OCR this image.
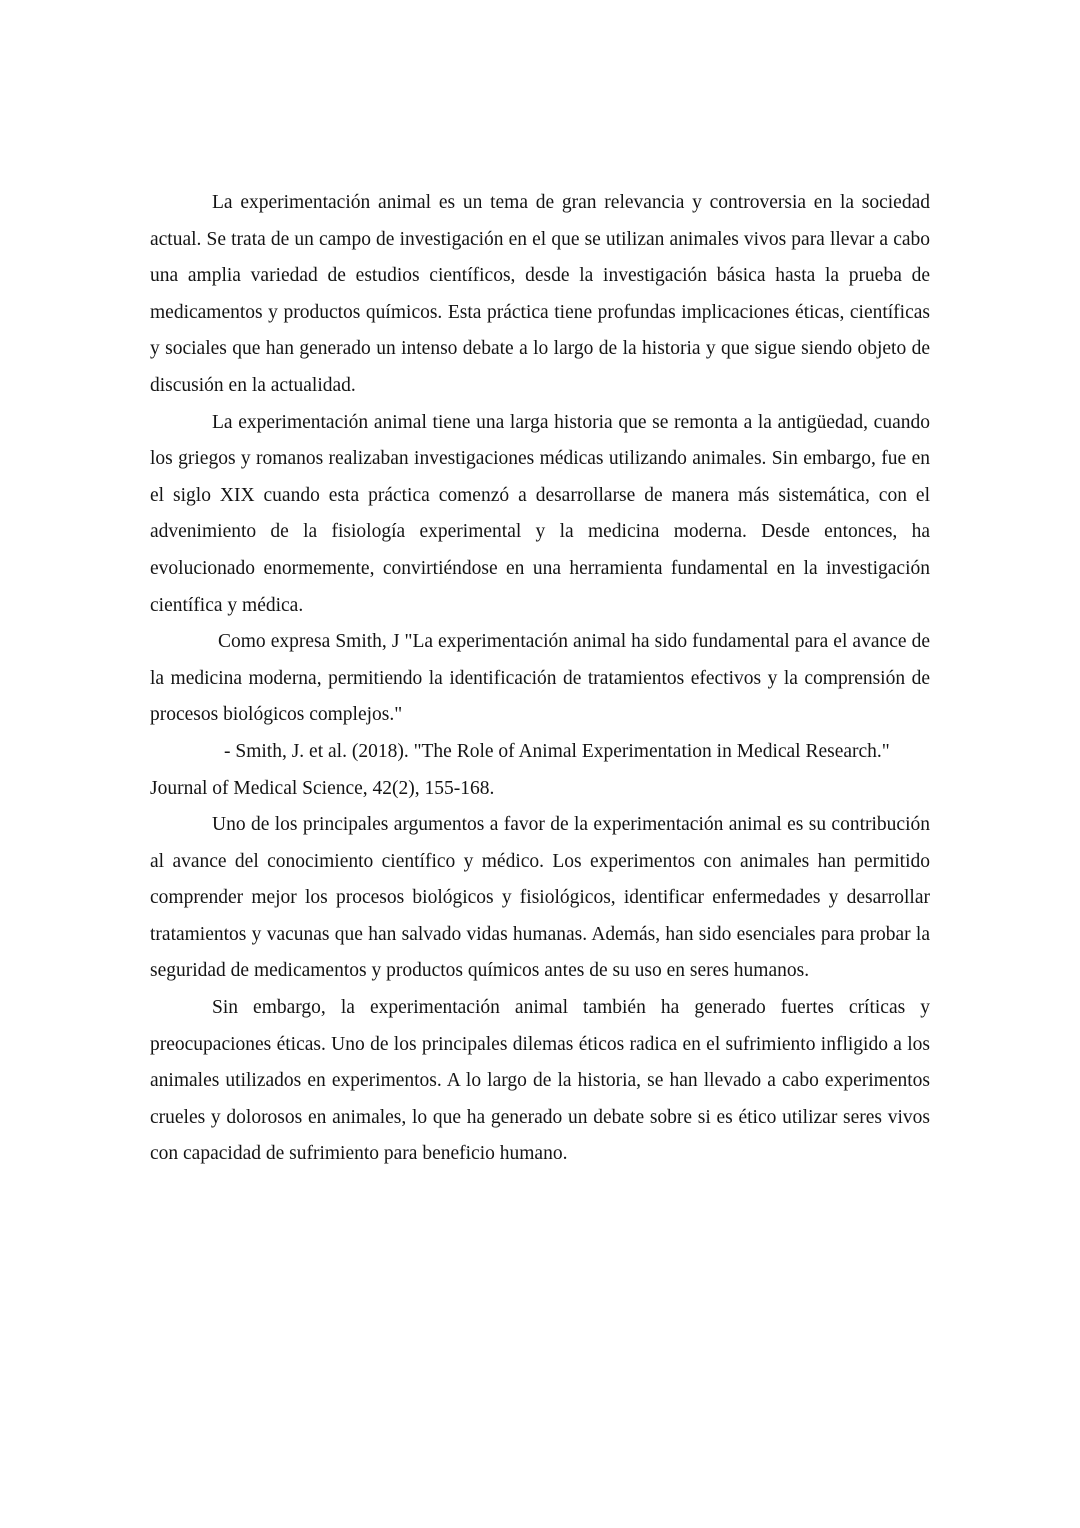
La experimentación animal es un tema de gran relevancia y controversia en la sociedad actual. Se trata de un campo de investigación en el que se utilizan animales vivos para llevar a cabo una amplia variedad de estudios científicos, desde la investigación básica hasta la prueba de medicamentos y productos químicos. Esta práctica tiene profundas implicaciones éticas, científicas y sociales que han generado un intenso debate a lo largo de la historia y que sigue siendo objeto de discusión en la actualidad.

La experimentación animal tiene una larga historia que se remonta a la antigüedad, cuando los griegos y romanos realizaban investigaciones médicas utilizando animales. Sin embargo, fue en el siglo XIX cuando esta práctica comenzó a desarrollarse de manera más sistemática, con el advenimiento de la fisiología experimental y la medicina moderna. Desde entonces, ha evolucionado enormemente, convirtiéndose en una herramienta fundamental en la investigación científica y médica.

Como expresa Smith, J "La experimentación animal ha sido fundamental para el avance de la medicina moderna, permitiendo la identificación de tratamientos efectivos y la comprensión de procesos biológicos complejos."

- Smith, J. et al. (2018). "The Role of Animal Experimentation in Medical Research." Journal of Medical Science, 42(2), 155-168.

Uno de los principales argumentos a favor de la experimentación animal es su contribución al avance del conocimiento científico y médico. Los experimentos con animales han permitido comprender mejor los procesos biológicos y fisiológicos, identificar enfermedades y desarrollar tratamientos y vacunas que han salvado vidas humanas. Además, han sido esenciales para probar la seguridad de medicamentos y productos químicos antes de su uso en seres humanos.

Sin embargo, la experimentación animal también ha generado fuertes críticas y preocupaciones éticas. Uno de los principales dilemas éticos radica en el sufrimiento infligido a los animales utilizados en experimentos. A lo largo de la historia, se han llevado a cabo experimentos crueles y dolorosos en animales, lo que ha generado un debate sobre si es ético utilizar seres vivos con capacidad de sufrimiento para beneficio humano.
